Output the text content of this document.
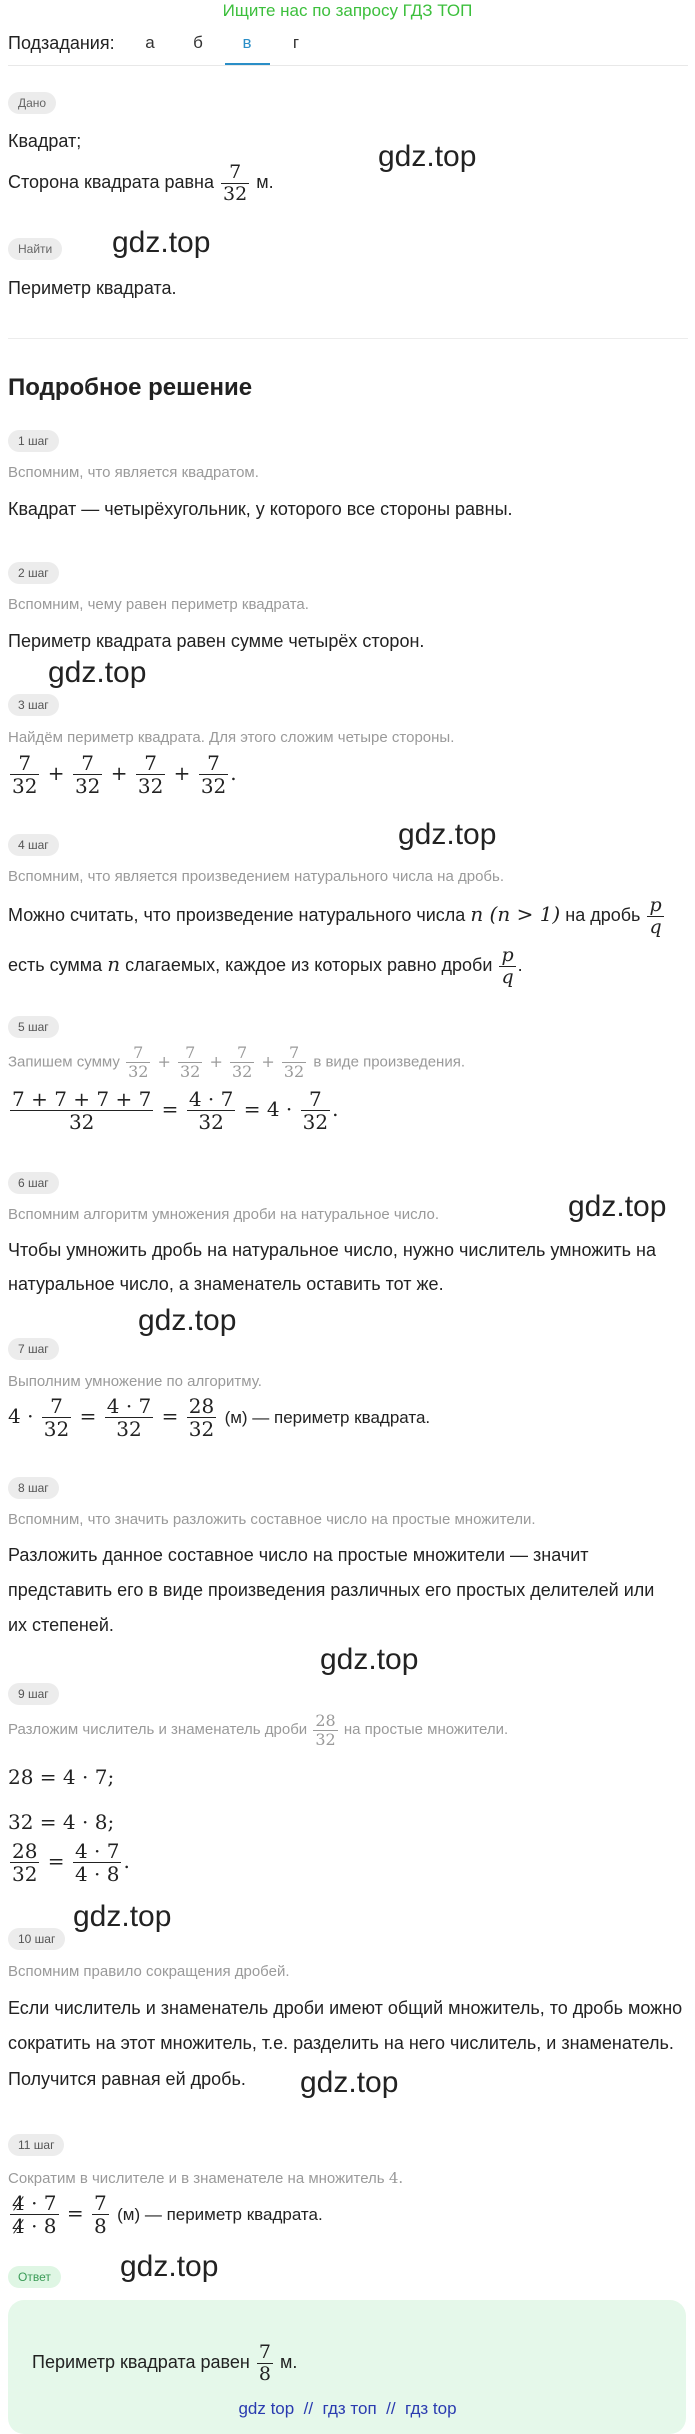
Ищите нас по запросу ГДЗ ТОП
Подзадания:	а	б	в	г
Дано
Квадрат;
Сторона квадрата равна $\frac{7}{32} м$.
gdz.top
Найти	gdz.top
Периметр квадрата.
Подробное решение
1 шаг
Вспомним, что является квадратом.
Квадрат — четырёхугольник, у которого все стороны равны.
2 шаг
Вспомним, чему равен периметр квадрата.
Периметр квадрата равен сумме четырёх сторон.
gdz.top
3 шаг
Найдём периметр квадрата. Для этого сложим четыре стороны.
$\frac{7}{32} + \frac{7}{32} + \frac{7}{32} + \frac{7}{32}$ .
gdz.top
4 шаг
Вспомним, что является произведением натурального числа на дробь.
Можно считать, что произведение натурального числа n (n > 1) на дробь $\frac{p}{q}$
есть сумма n слагаемых, каждое из которых равно дроби $\frac{p}{q}$ .
5 шаг
Запишем сумму $\frac{7}{32} + \frac{7}{32} + \frac{7}{32} + \frac{7}{32}$ в виде произведения.
$\frac{7 + 7 + 7 + 7}{32} = \frac{4 \cdot 7}{32} = 4 \cdot \frac{7}{32}$ .
6 шаг
Вспомним алгоритм умножения дроби на натуральное число.	gdz.top
Чтобы умножить дробь на натуральное число, нужно числитель умножить на
натуральное число, а знаменатель оставить тот же.
gdz.top
7 шаг
Выполним умножение по алгоритму.
$4 \cdot \frac{7}{32} = \frac{4 \cdot 7}{32} = \frac{28}{32} (м)$ — периметр квадрата.
8 шаг
Вспомним, что значить разложить составное число на простые множители.
Разложить данное составное число на простые множители — значит
представить его в виде произведения различных его простых делителей или
их степеней.
gdz.top
9 шаг
Разложим числитель и знаменатель дроби $\frac{28}{32}$ на простые множители.
28 = 4 · 7;
32 = 4 · 8;
$\frac{28}{32} = \frac{4 \cdot 7}{4 \cdot 8}$ .
gdz.top
10 шаг
Вспомним правило сокращения дробей.
Если числитель и знаменатель дроби имеют общий множитель, то дробь можно
сократить на этот множитель, т.е. разделить на него числитель, и знаменатель.
Получится равная ей дробь. gdz.top
11 шаг
Сократим в числителе и в знаменателе на множитель 4.
$\frac{4 \cdot 7}{4 \cdot 8} = \frac{7}{8} (м)$ — периметр квадрата.
Ответ	gdz.top
Периметр квадрата равен $\frac{7}{8} м$.
gdz top  //  гдз топ  //  гдз top
